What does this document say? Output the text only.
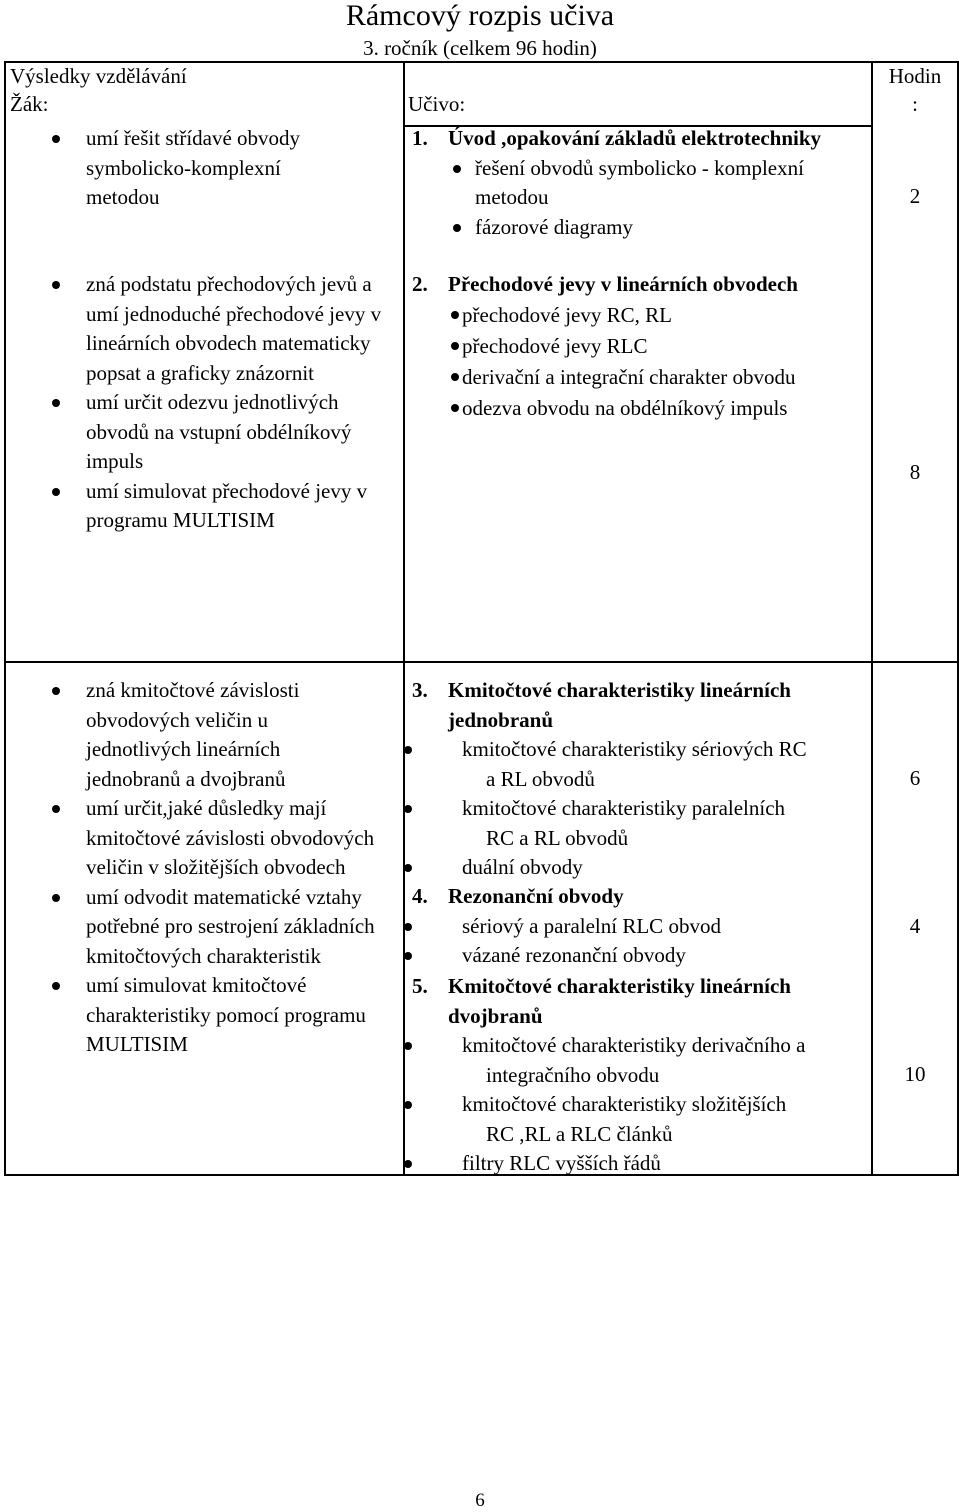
Rámcový rozpis učiva
3. ročník (celkem 96 hodin)
Výsledky vzdělávání
Žák:	Učivo:
Hodin
:
umí řešit střídavé obvody symbolicko-komplexní metodou
zná podstatu přechodových jevů a umí jednoduché přechodové jevy v lineárních obvodech matematicky popsat a graficky znázornit
umí určit odezvu jednotlivých obvodů na vstupní obdélníkový impuls
umí simulovat přechodové jevy v programu MULTISIM
1. Úvod ,opakování základů elektrotechniky
řešení obvodů symbolicko - komplexní metodou
fázorové diagramy
2
2. Přechodové jevy v lineárních obvodech
přechodové jevy RC, RL
přechodové jevy RLC
derivační a integrační charakter obvodu
odezva obvodu na obdélníkový impuls
8
zná kmitočtové závislosti obvodových veličin u jednotlivých lineárních jednobranů a dvojbranů
umí určit,jaké důsledky mají kmitočtové závislosti obvodových veličin v složitějších obvodech
umí odvodit matematické vztahy potřebné pro sestrojení základních kmitočtových charakteristik
umí simulovat kmitočtové charakteristiky pomocí programu MULTISIM
3. Kmitočtové charakteristiky lineárních jednobranů
kmitočtové charakteristiky sériových RC
a RL obvodů
kmitočtové charakteristiky paralelních
RC a RL obvodů
duální obvody
6
4. Rezonanční obvody
sériový a paralelní RLC obvod
vázané rezonanční obvody
4
5. Kmitočtové charakteristiky lineárních dvojbranů
kmitočtové charakteristiky derivačního a
integračního obvodu
kmitočtové charakteristiky složitějších
RC ,RL a RLC článků
filtry RLC vyšších řádů
10
6
